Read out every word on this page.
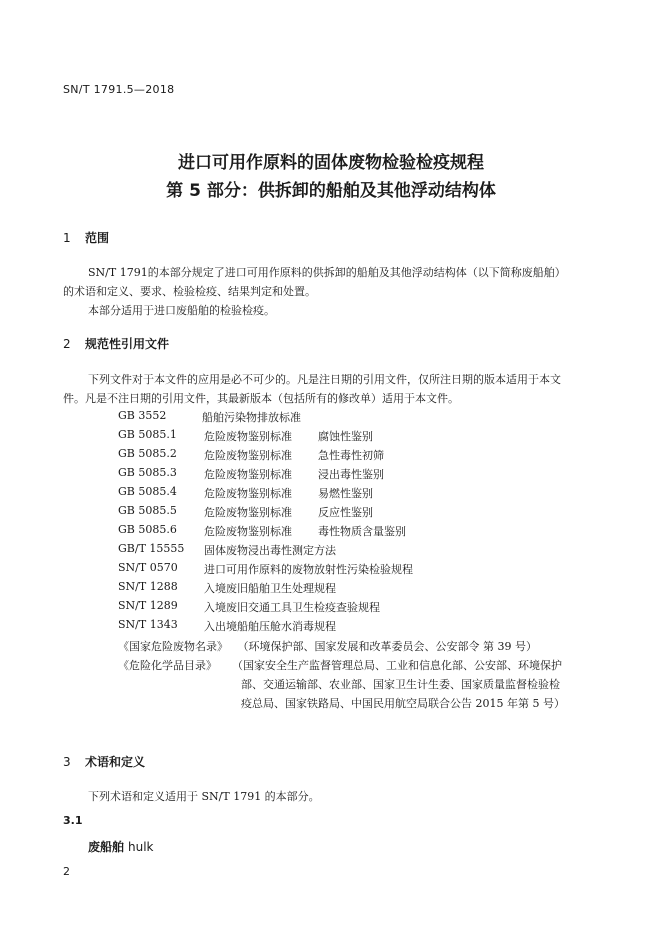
SN/T 1791.5—2018
进口可用作原料的固体废物检验检疫规程
第 5 部分：供拆卸的船舶及其他浮动结构体
1 范围
SN/T 1791的本部分规定了进口可用作原料的供拆卸的船舶及其他浮动结构体（以下简称废船舶）
的术语和定义、要求、检验检疫、结果判定和处置。
本部分适用于进口废船舶的检验检疫。
2 规范性引用文件
下列文件对于本文件的应用是必不可少的。凡是注日期的引用文件，仅所注日期的版本适用于本文
件。凡是不注日期的引用文件，其最新版本（包括所有的修改单）适用于本文件。
GB 3552	船舶污染物排放标准
GB 5085.1 危险废物鉴别标准 腐蚀性鉴别
GB 5085.2 危险废物鉴别标准 急性毒性初筛
GB 5085.3 危险废物鉴别标准 浸出毒性鉴别
GB 5085.4 危险废物鉴别标准 易燃性鉴别
GB 5085.5 危险废物鉴别标准 反应性鉴别
GB 5085.6 危险废物鉴别标准 毒性物质含量鉴别
GB/T 15555 固体废物浸出毒性测定方法
SN/T 0570 进口可用作原料的废物放射性污染检验规程
SN/T 1288 入境废旧船舶卫生处理规程
SN/T 1289 入境废旧交通工具卫生检疫查验规程
SN/T 1343 入出境船舶压舱水消毒规程
《国家危险废物名录》 （环境保护部、国家发展和改革委员会、公安部令 第 39 号）
《危险化学品目录》 （国家安全生产监督管理总局、工业和信息化部、公安部、环境保护
部、交通运输部、农业部、国家卫生计生委、国家质量监督检验检
疫总局、国家铁路局、中国民用航空局联合公告 2015 年第 5 号）
3 术语和定义
下列术语和定义适用于 SN/T 1791 的本部分。
3.1
废船舶 hulk
2
